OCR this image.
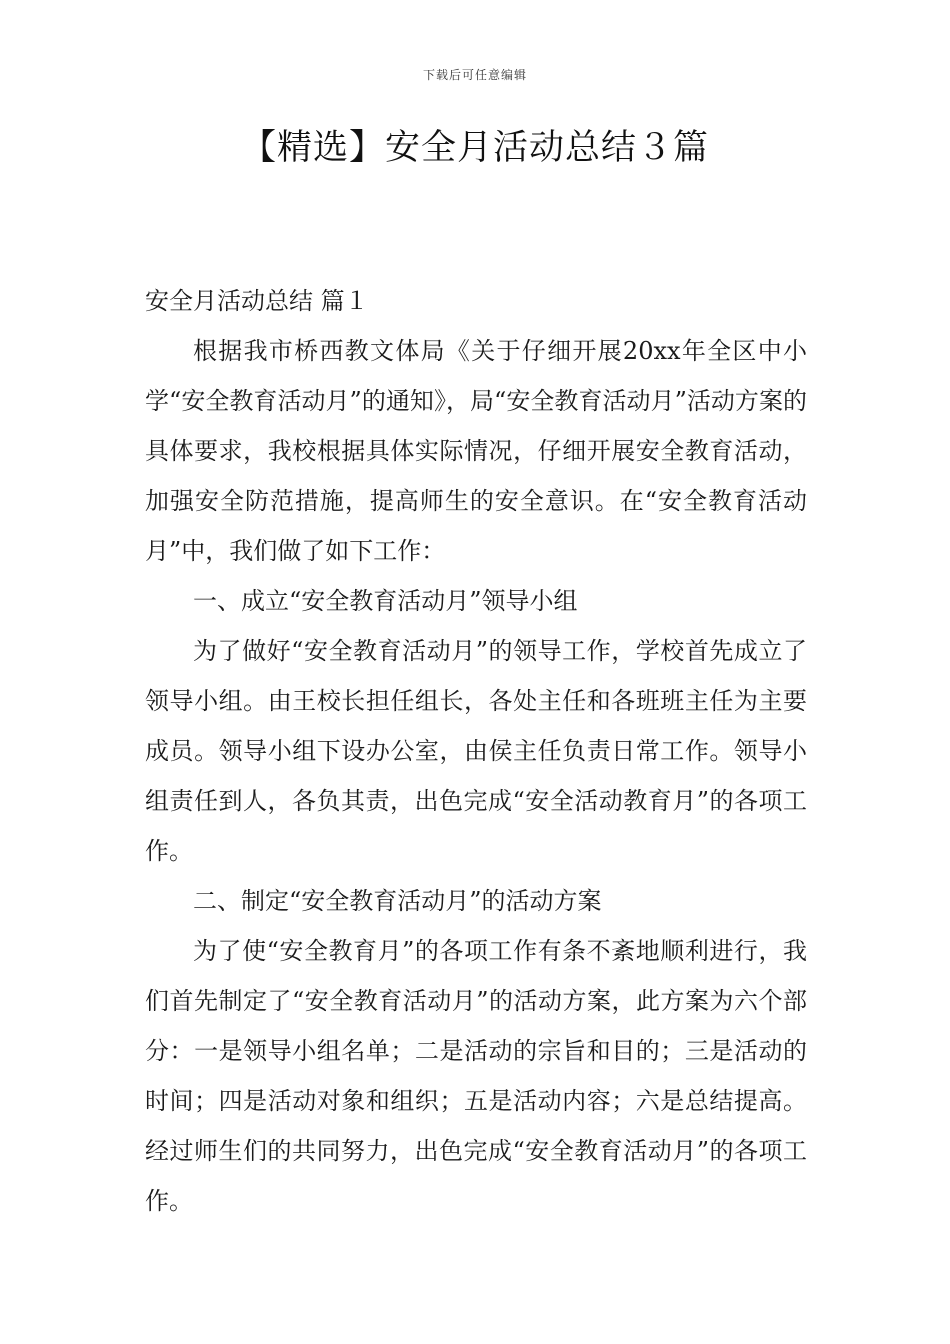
下载后可任意编辑
【精选】安全月活动总结３篇

安全月活动总结 篇１

根据我市桥西教文体局《关于仔细开展20xx年全区中小学“安全教育活动月”的通知》，局“安全教育活动月”活动方案的具体要求，我校根据具体实际情况，仔细开展安全教育活动，加强安全防范措施，提高师生的安全意识。在“安全教育活动月”中，我们做了如下工作：

一、成立“安全教育活动月”领导小组

为了做好“安全教育活动月”的领导工作，学校首先成立了领导小组。由王校长担任组长，各处主任和各班班主任为主要成员。领导小组下设办公室，由侯主任负责日常工作。领导小组责任到人，各负其责，出色完成“安全活动教育月”的各项工作。

二、制定“安全教育活动月”的活动方案

为了使“安全教育月”的各项工作有条不紊地顺利进行，我们首先制定了“安全教育活动月”的活动方案，此方案为六个部分：一是领导小组名单；二是活动的宗旨和目的；三是活动的时间；四是活动对象和组织；五是活动内容；六是总结提高。经过师生们的共同努力，出色完成“安全教育活动月”的各项工作。
